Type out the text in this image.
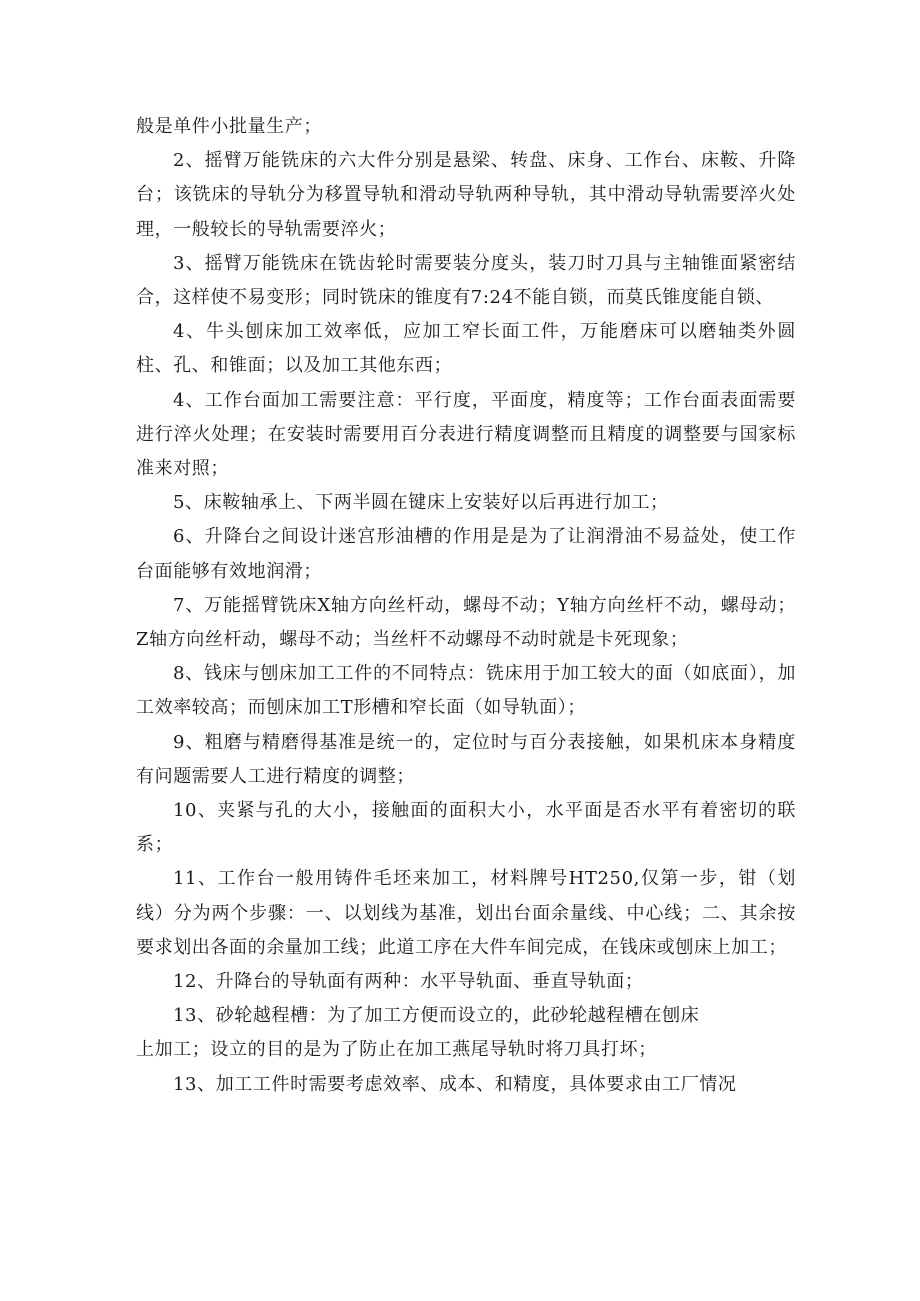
般是单件小批量生产；

2、摇臂万能铣床的六大件分别是悬梁、转盘、床身、工作台、床鞍、升降台；该铣床的导轨分为移置导轨和滑动导轨两种导轨，其中滑动导轨需要淬火处理，一般较长的导轨需要淬火；

3、摇臂万能铣床在铣齿轮时需要装分度头，装刀时刀具与主轴锥面紧密结合，这样使不易变形；同时铣床的锥度有7:24不能自锁，而莫氏锥度能自锁、

4、牛头刨床加工效率低，应加工窄长面工件，万能磨床可以磨轴类外圆柱、孔、和锥面；以及加工其他东西；

4、工作台面加工需要注意：平行度，平面度，精度等；工作台面表面需要进行淬火处理；在安装时需要用百分表进行精度调整而且精度的调整要与国家标准来对照；

5、床鞍轴承上、下两半圆在键床上安装好以后再进行加工；

6、升降台之间设计迷宫形油槽的作用是是为了让润滑油不易益处，使工作台面能够有效地润滑；

7、万能摇臂铣床X轴方向丝杆动，螺母不动；Y轴方向丝杆不动，螺母动；Z轴方向丝杆动，螺母不动；当丝杆不动螺母不动时就是卡死现象；

8、钱床与刨床加工工件的不同特点：铣床用于加工较大的面（如底面），加工效率较高；而刨床加工T形槽和窄长面（如导轨面）；

9、粗磨与精磨得基准是统一的，定位时与百分表接触，如果机床本身精度有问题需要人工进行精度的调整；

10、夹紧与孔的大小，接触面的面积大小，水平面是否水平有着密切的联系；

11、工作台一般用铸件毛坯来加工，材料牌号HT250,仅第一步，钳（划线）分为两个步骤：一、以划线为基准，划出台面余量线、中心线；二、其余按要求划出各面的余量加工线；此道工序在大件车间完成，在钱床或刨床上加工；

12、升降台的导轨面有两种：水平导轨面、垂直导轨面；

13、砂轮越程槽：为了加工方便而设立的，此砂轮越程槽在刨床
上加工；设立的目的是为了防止在加工燕尾导轨时将刀具打坏；

13、加工工件时需要考虑效率、成本、和精度，具体要求由工厂情况
